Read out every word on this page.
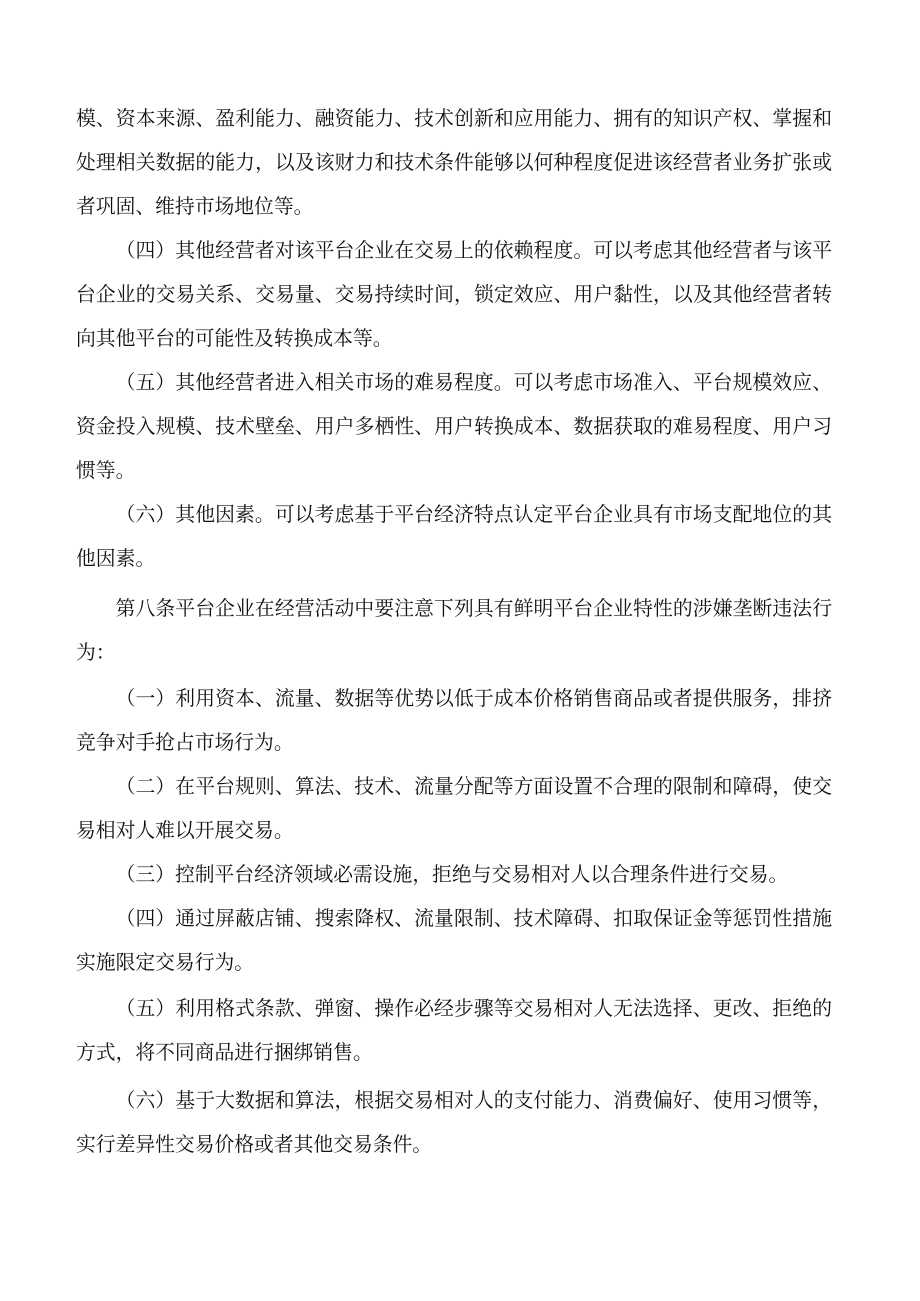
模、资本来源、盈利能力、融资能力、技术创新和应用能力、拥有的知识产权、掌握和处理相关数据的能力，以及该财力和技术条件能够以何种程度促进该经营者业务扩张或者巩固、维持市场地位等。

（四）其他经营者对该平台企业在交易上的依赖程度。可以考虑其他经营者与该平台企业的交易关系、交易量、交易持续时间，锁定效应、用户黏性，以及其他经营者转向其他平台的可能性及转换成本等。

（五）其他经营者进入相关市场的难易程度。可以考虑市场准入、平台规模效应、资金投入规模、技术壁垒、用户多栖性、用户转换成本、数据获取的难易程度、用户习惯等。

（六）其他因素。可以考虑基于平台经济特点认定平台企业具有市场支配地位的其他因素。

第八条平台企业在经营活动中要注意下列具有鲜明平台企业特性的涉嫌垄断违法行为：

（一）利用资本、流量、数据等优势以低于成本价格销售商品或者提供服务，排挤竞争对手抢占市场行为。

（二）在平台规则、算法、技术、流量分配等方面设置不合理的限制和障碍，使交易相对人难以开展交易。

（三）控制平台经济领域必需设施，拒绝与交易相对人以合理条件进行交易。

（四）通过屏蔽店铺、搜索降权、流量限制、技术障碍、扣取保证金等惩罚性措施实施限定交易行为。

（五）利用格式条款、弹窗、操作必经步骤等交易相对人无法选择、更改、拒绝的方式，将不同商品进行捆绑销售。

（六）基于大数据和算法，根据交易相对人的支付能力、消费偏好、使用习惯等，实行差异性交易价格或者其他交易条件。
